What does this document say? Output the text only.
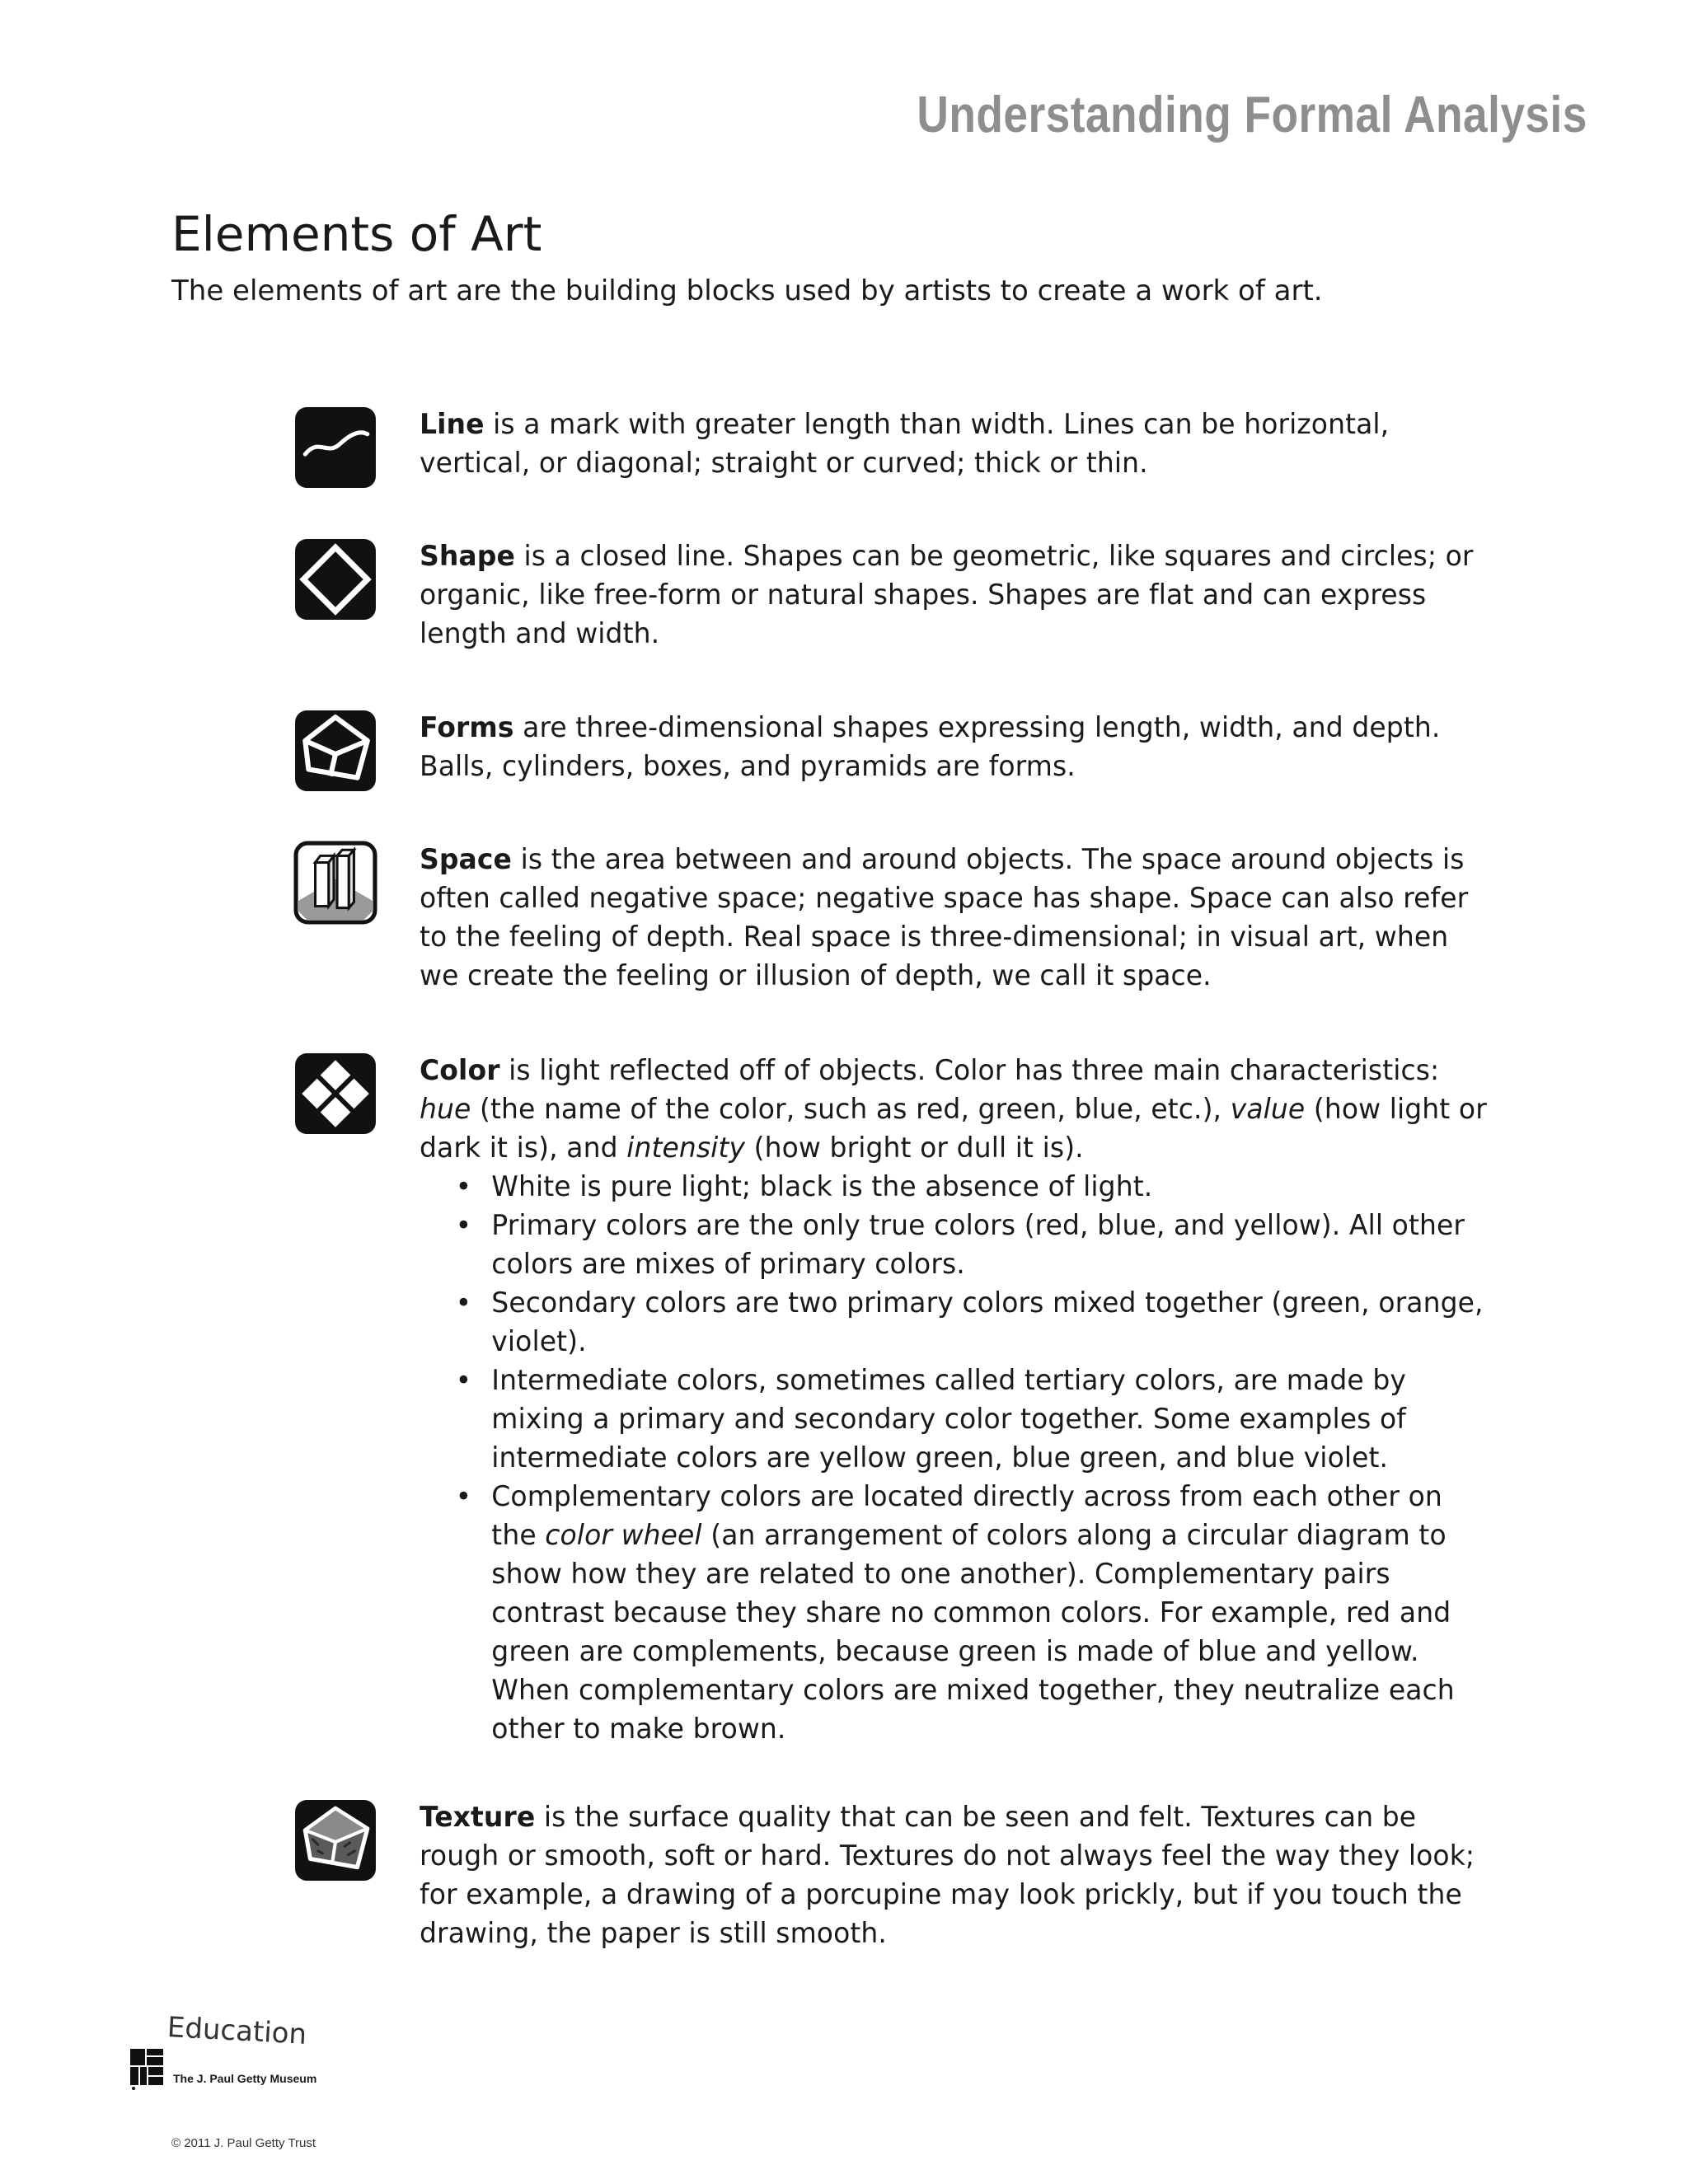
Understanding Formal Analysis
Elements of Art
The elements of art are the building blocks used by artists to create a work of art.
Line is a mark with greater length than width. Lines can be horizontal, vertical, or diagonal; straight or curved; thick or thin.
Shape is a closed line. Shapes can be geometric, like squares and circles; or organic, like free-form or natural shapes. Shapes are flat and can express length and width.
Forms are three-dimensional shapes expressing length, width, and depth. Balls, cylinders, boxes, and pyramids are forms.
Space is the area between and around objects. The space around objects is often called negative space; negative space has shape. Space can also refer to the feeling of depth. Real space is three-dimensional; in visual art, when we create the feeling or illusion of depth, we call it space.
Color is light reflected off of objects. Color has three main characteristics: hue (the name of the color, such as red, green, blue, etc.), value (how light or dark it is), and intensity (how bright or dull it is).
• White is pure light; black is the absence of light.
• Primary colors are the only true colors (red, blue, and yellow). All other colors are mixes of primary colors.
• Secondary colors are two primary colors mixed together (green, orange, violet).
• Intermediate colors, sometimes called tertiary colors, are made by mixing a primary and secondary color together. Some examples of intermediate colors are yellow green, blue green, and blue violet.
• Complementary colors are located directly across from each other on the color wheel (an arrangement of colors along a circular diagram to show how they are related to one another). Complementary pairs contrast because they share no common colors. For example, red and green are complements, because green is made of blue and yellow. When complementary colors are mixed together, they neutralize each other to make brown.
Texture is the surface quality that can be seen and felt. Textures can be rough or smooth, soft or hard. Textures do not always feel the way they look; for example, a drawing of a porcupine may look prickly, but if you touch the drawing, the paper is still smooth.
Education
The J. Paul Getty Museum
© 2011 J. Paul Getty Trust
